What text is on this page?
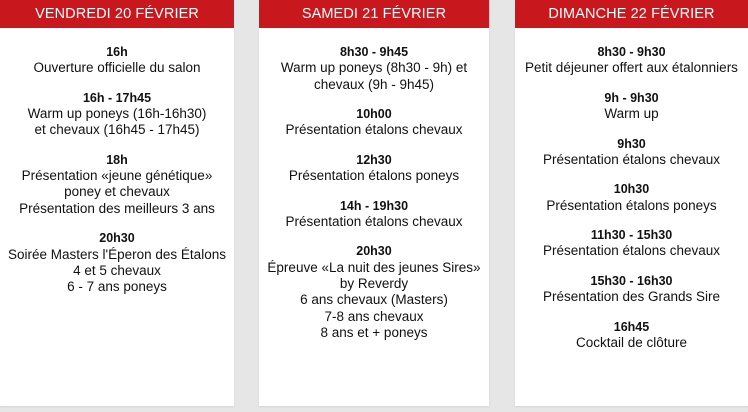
VENDREDI 20 FÉVRIER
16h
Ouverture officielle du salon
16h - 17h45
Warm up poneys (16h-16h30)
et chevaux (16h45 - 17h45)
18h
Présentation «jeune génétique»
poney et chevaux
Présentation des meilleurs 3 ans
20h30
Soirée Masters l'Éperon des Étalons
4 et 5 chevaux
6 - 7 ans poneys
SAMEDI 21 FÉVRIER
8h30 - 9h45
Warm up poneys (8h30 - 9h) et
chevaux (9h - 9h45)
10h00
Présentation étalons chevaux
12h30
Présentation étalons poneys
14h - 19h30
Présentation étalons chevaux
20h30
Épreuve «La nuit des jeunes Sires»
by Reverdy
6 ans chevaux (Masters)
7-8 ans chevaux
8 ans et + poneys
DIMANCHE 22 FÉVRIER
8h30 - 9h30
Petit déjeuner offert aux étalonniers
9h - 9h30
Warm up
9h30
Présentation étalons chevaux
10h30
Présentation étalons poneys
11h30 - 15h30
Présentation étalons chevaux
15h30 - 16h30
Présentation des Grands Sire
16h45
Cocktail de clôture
